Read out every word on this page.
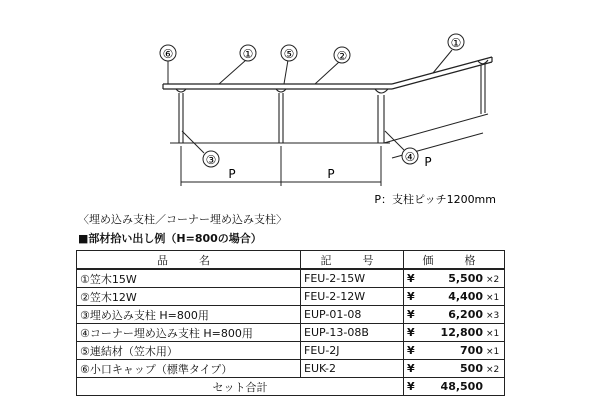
⑥	①	⑤	②
①
③	④
P	P
P
P：支柱ピッチ1200mm
〈埋め込み支柱／コーナー埋め込み支柱〉
■部材拾い出し例（H=800の場合）
品　名	記　号	価　格
①笠木15W	FEU-2-15W	¥ 5,500 ×2
②笠木12W	FEU-2-12W	¥ 4,400 ×1
③埋め込み支柱 H=800用	EUP-01-08	¥ 6,200 ×3
④コーナー埋め込み支柱 H=800用	EUP-13-08B	¥ 12,800 ×1
⑤連結材（笠木用）	FEU-2J	¥ 700 ×1
⑥小口キャップ（標準タイプ）	EUK-2	¥ 500 ×2
セット合計		¥ 48,500
